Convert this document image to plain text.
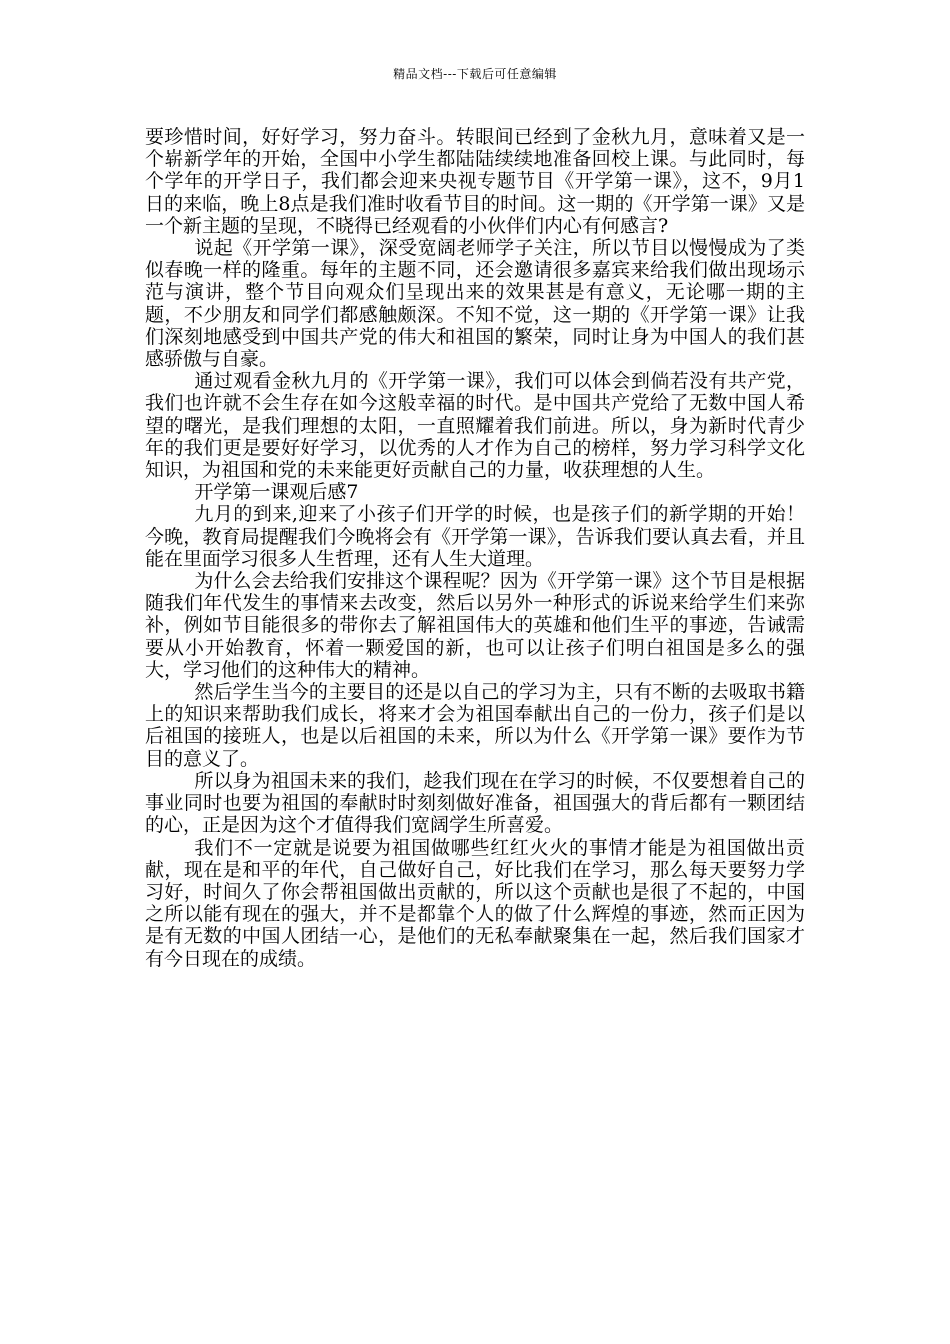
精品文档---下载后可任意编辑

要珍惜时间，好好学习，努力奋斗。转眼间已经到了金秋九月，意味着又是一个崭新学年的开始，全国中小学生都陆陆续续地准备回校上课。与此同时，每个学年的开学日子，我们都会迎来央视专题节目《开学第一课》，这不，9月1日的来临，晚上8点是我们准时收看节目的时间。这一期的《开学第一课》又是一个新主题的呈现，不晓得已经观看的小伙伴们内心有何感言?

说起《开学第一课》，深受宽阔老师学子关注，所以节目以慢慢成为了类似春晚一样的隆重。每年的主题不同，还会邀请很多嘉宾来给我们做出现场示范与演讲，整个节目向观众们呈现出来的效果甚是有意义，无论哪一期的主题，不少朋友和同学们都感触颇深。不知不觉，这一期的《开学第一课》让我们深刻地感受到中国共产党的伟大和祖国的繁荣，同时让身为中国人的我们甚感骄傲与自豪。

通过观看金秋九月的《开学第一课》，我们可以体会到倘若没有共产党，我们也许就不会生存在如今这般幸福的时代。是中国共产党给了无数中国人希望的曙光，是我们理想的太阳，一直照耀着我们前进。所以，身为新时代青少年的我们更是要好好学习，以优秀的人才作为自己的榜样，努力学习科学文化知识，为祖国和党的未来能更好贡献自己的力量，收获理想的人生。

开学第一课观后感7

九月的到来,迎来了小孩子们开学的时候，也是孩子们的新学期的开始！今晚，教育局提醒我们今晚将会有《开学第一课》，告诉我们要认真去看，并且能在里面学习很多人生哲理，还有人生大道理。

为什么会去给我们安排这个课程呢？因为《开学第一课》这个节目是根据随我们年代发生的事情来去改变，然后以另外一种形式的诉说来给学生们来弥补，例如节目能很多的带你去了解祖国伟大的英雄和他们生平的事迹，告诫需要从小开始教育，怀着一颗爱国的新，也可以让孩子们明白祖国是多么的强大，学习他们的这种伟大的精神。

然后学生当今的主要目的还是以自己的学习为主，只有不断的去吸取书籍上的知识来帮助我们成长，将来才会为祖国奉献出自己的一份力，孩子们是以后祖国的接班人，也是以后祖国的未来，所以为什么《开学第一课》要作为节目的意义了。

所以身为祖国未来的我们，趁我们现在在学习的时候，不仅要想着自己的事业同时也要为祖国的奉献时时刻刻做好准备，祖国强大的背后都有一颗团结的心，正是因为这个才值得我们宽阔学生所喜爱。

我们不一定就是说要为祖国做哪些红红火火的事情才能是为祖国做出贡献，现在是和平的年代，自己做好自己，好比我们在学习，那么每天要努力学习好，时间久了你会帮祖国做出贡献的，所以这个贡献也是很了不起的，中国之所以能有现在的强大，并不是都靠个人的做了什么辉煌的事迹，然而正因为是有无数的中国人团结一心，是他们的无私奉献聚集在一起，然后我们国家才有今日现在的成绩。
